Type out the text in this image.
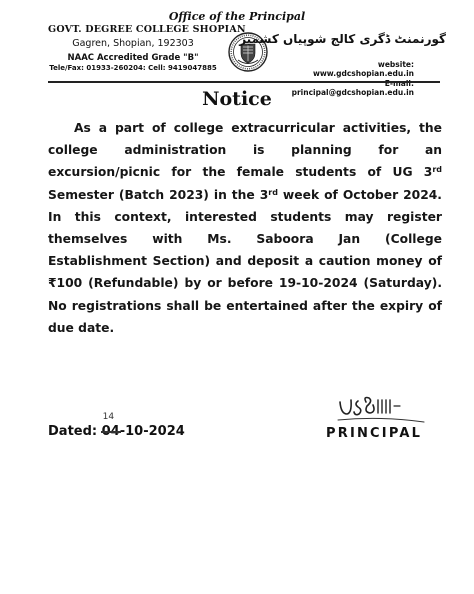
Office of the Principal
GOVT. DEGREE COLLEGE SHOPIAN
Gagren, Shopian, 192303
NAAC Accredited Grade "B"
Tele/Fax: 01933-260204: Cell: 9419047885
گورنمنٹ ڈگری کالج شوپیاں کشمیر
website: www.gdcshopian.edu.in
E-mail: principal@gdcshopian.edu.in
Notice
As a part of college extracurricular activities, the college administration is planning for an excursion/picnic for the female students of UG 3rd Semester (Batch 2023) in the 3rd week of October 2024. In this context, interested students may register themselves with Ms. Saboora Jan (College Establishment Section) and deposit a caution money of ₹100 (Refundable) by or before 19-10-2024 (Saturday). No registrations shall be entertained after the expiry of due date.
Dated:
14
04
-10-2024	PRINCIPAL
